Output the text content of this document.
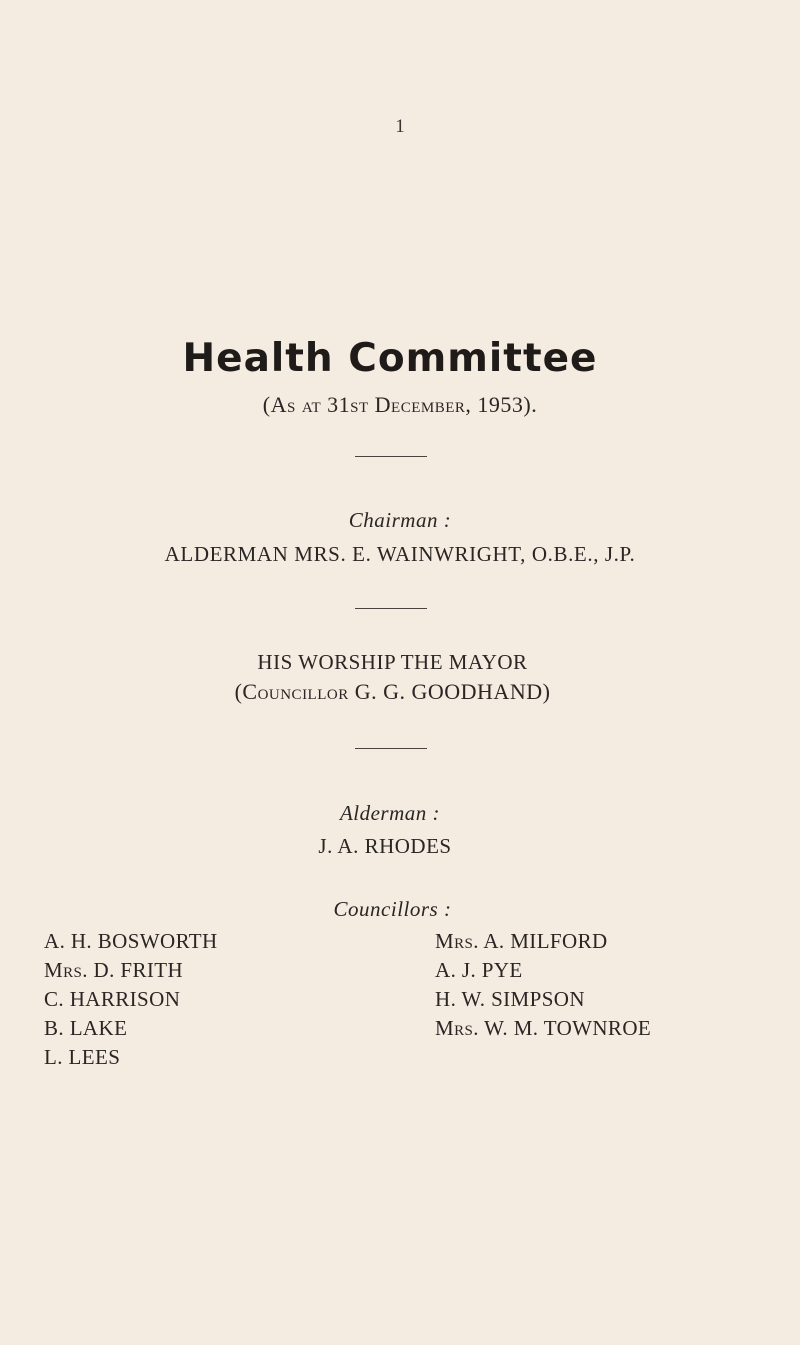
1
Health Committee
(As at 31st December, 1953).
Chairman :
ALDERMAN MRS. E. WAINWRIGHT, O.B.E., J.P.
HIS WORSHIP THE MAYOR
(Councillor G. G. GOODHAND)
Alderman :
J. A. RHODES
Councillors :
A. H. BOSWORTH
Mrs. D. FRITH
C. HARRISON
B. LAKE
L. LEES
Mrs. A. MILFORD
A. J. PYE
H. W. SIMPSON
Mrs. W. M. TOWNROE
